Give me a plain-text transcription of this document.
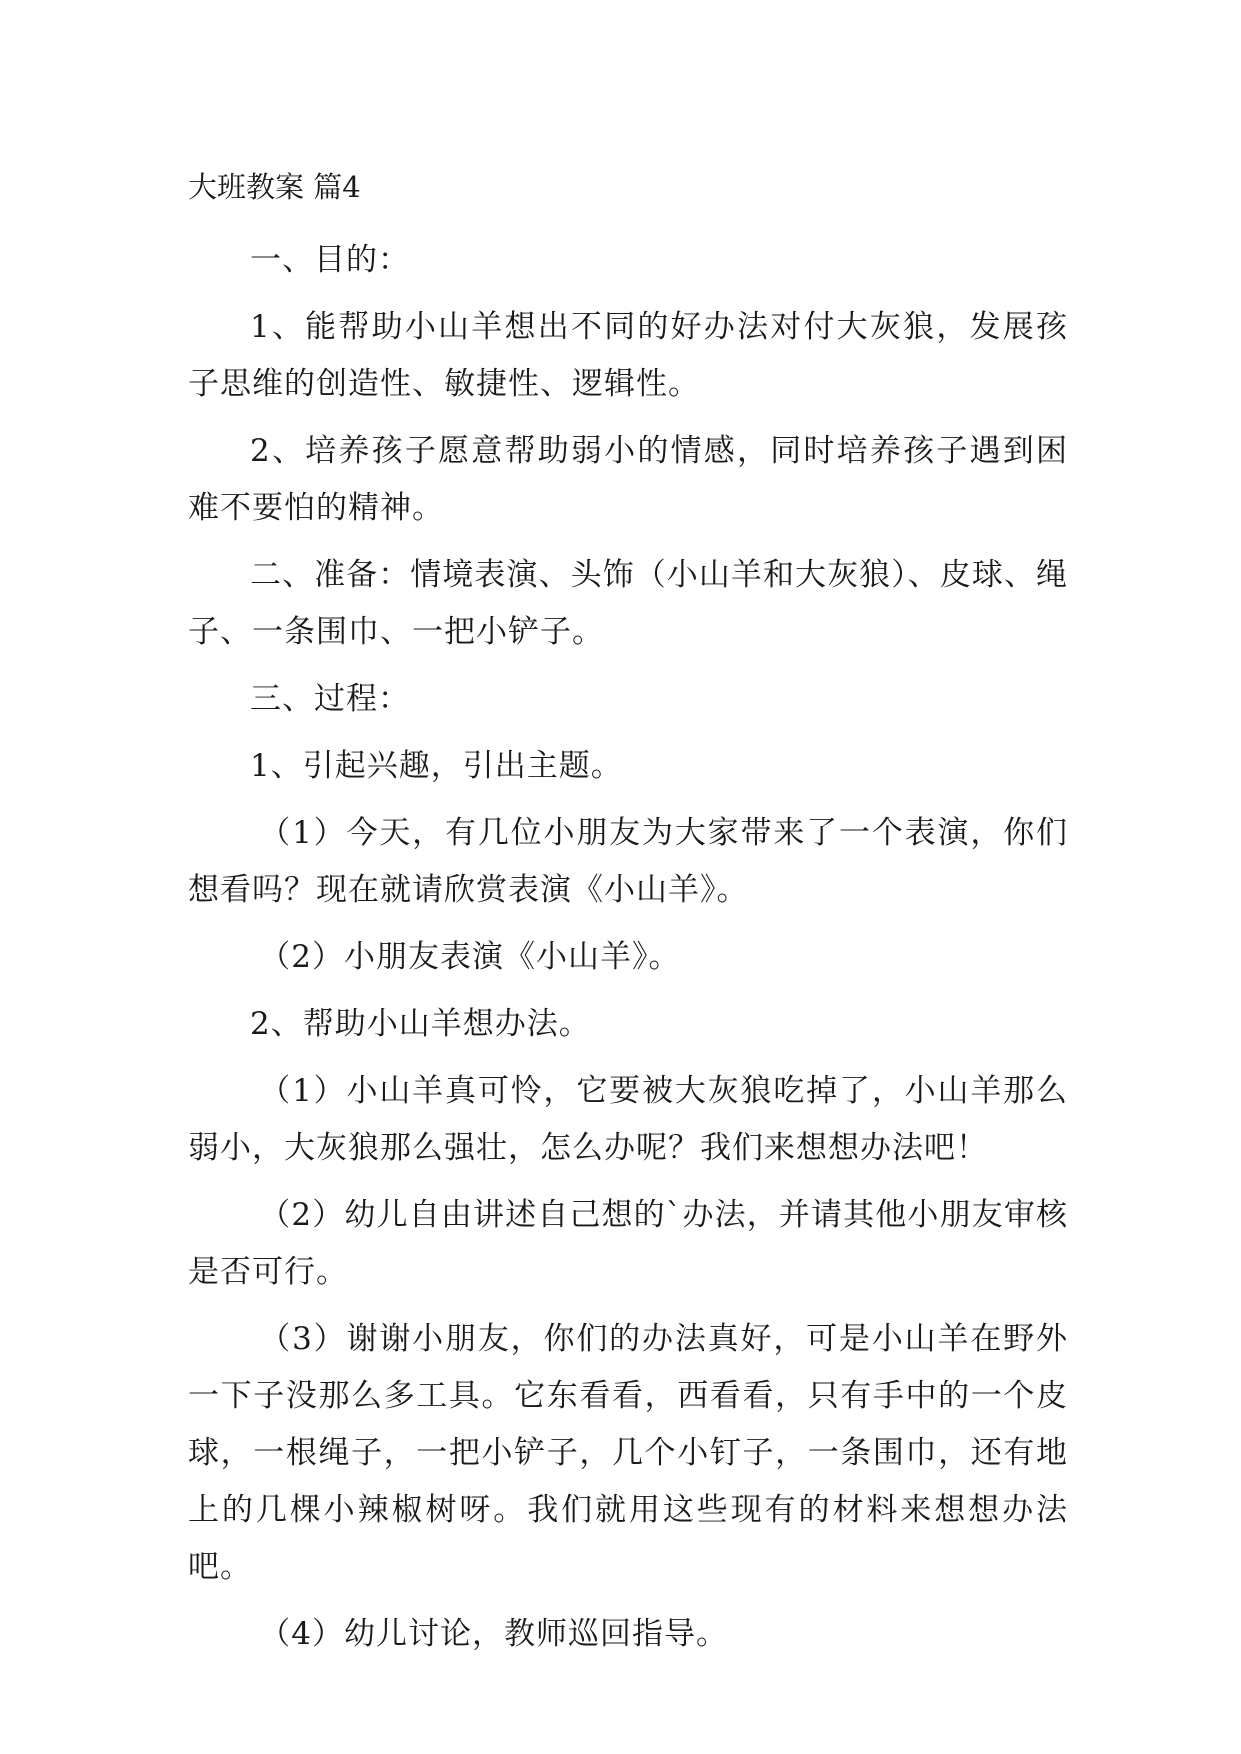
大班教案 篇4

一、目的：

1、能帮助小山羊想出不同的好办法对付大灰狼，发展孩子思维的创造性、敏捷性、逻辑性。

2、培养孩子愿意帮助弱小的情感，同时培养孩子遇到困难不要怕的精神。

二、准备：情境表演、头饰（小山羊和大灰狼）、皮球、绳子、一条围巾、一把小铲子。

三、过程：

1、引起兴趣，引出主题。

（1）今天，有几位小朋友为大家带来了一个表演，你们想看吗？现在就请欣赏表演《小山羊》。

（2）小朋友表演《小山羊》。

2、帮助小山羊想办法。

（1）小山羊真可怜，它要被大灰狼吃掉了，小山羊那么弱小，大灰狼那么强壮，怎么办呢？我们来想想办法吧！

（2）幼儿自由讲述自己想的`办法，并请其他小朋友审核是否可行。

（3）谢谢小朋友，你们的办法真好，可是小山羊在野外一下子没那么多工具。它东看看，西看看，只有手中的一个皮球，一根绳子，一把小铲子，几个小钉子，一条围巾，还有地上的几棵小辣椒树呀。我们就用这些现有的材料来想想办法吧。

（4）幼儿讨论，教师巡回指导。
